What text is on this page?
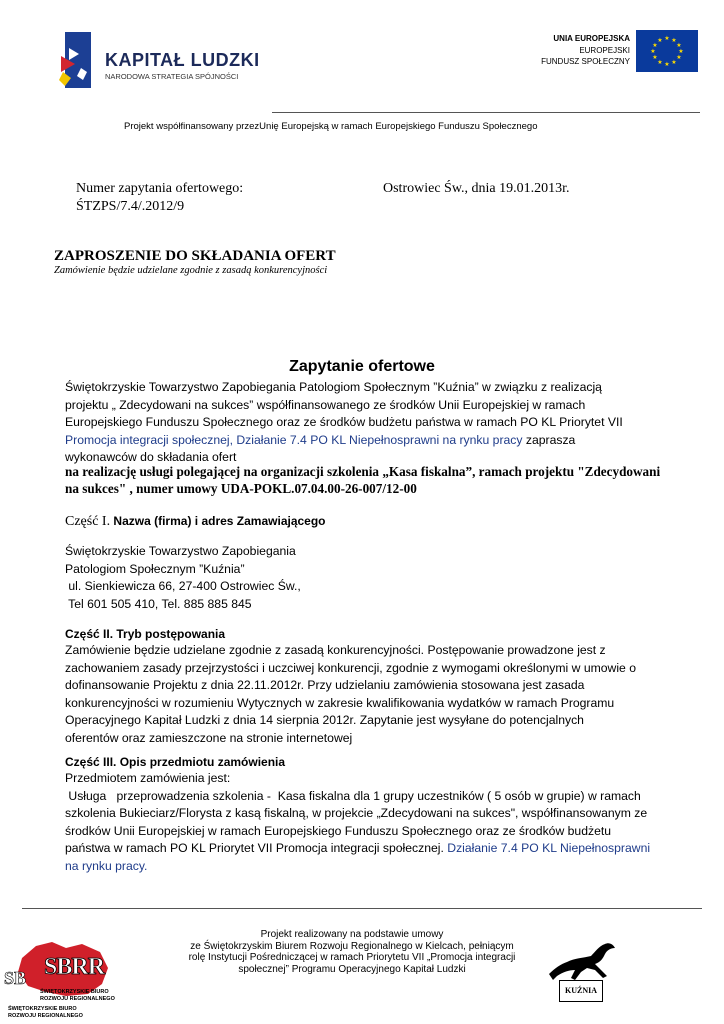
KAPITAŁ LUDZKI
NARODOWA STRATEGIA SPÓJNOŚCI
UNIA EUROPEJSKA
EUROPEJSKI
FUNDUSZ SPOŁECZNY
★ ★
★
★
★
★
★
★
★
★
★
★
Projekt współfinansowany przezUnię Europejską w ramach Europejskiego Funduszu Społecznego
Numer zapytania ofertowego:
ŚTZPS/7.4/.2012/9
Ostrowiec Św., dnia 19.01.2013r.
ZAPROSZENIE DO SKŁADANIA OFERT
Zamówienie będzie udzielane zgodnie z zasadą konkurencyjności
Zapytanie ofertowe
Świętokrzyskie Towarzystwo Zapobiegania Patologiom Społecznym ”Kuźnia” w związku z realizacją
projektu „ Zdecydowani na sukces” współfinansowanego ze środków Unii Europejskiej w ramach
Europejskiego Funduszu Społecznego oraz ze środków budżetu państwa w ramach PO KL Priorytet VII
Promocja integracji społecznej, Działanie 7.4 PO KL Niepełnosprawni na rynku pracy zaprasza
wykonawców do składania ofert
na realizację usługi polegającej na organizacji szkolenia „Kasa fiskalna”, ramach projektu "Zdecydowani
na sukces" , numer umowy UDA-POKL.07.04.00-26-007/12-00
Część I. Nazwa (firma) i adres Zamawiającego
Świętokrzyskie Towarzystwo Zapobiegania
Patologiom Społecznym ”Kuźnia”
ul. Sienkiewicza 66, 27-400 Ostrowiec Św.,
Tel 601 505 410, Tel. 885 885 845
Część II. Tryb postępowania
Zamówienie będzie udzielane zgodnie z zasadą konkurencyjności. Postępowanie prowadzone jest z
zachowaniem zasady przejrzystości i uczciwej konkurencji, zgodnie z wymogami określonymi w umowie o
dofinansowanie Projektu z dnia 22.11.2012r. Przy udzielaniu zamówienia stosowana jest zasada
konkurencyjności w rozumieniu Wytycznych w zakresie kwalifikowania wydatków w ramach Programu
Operacyjnego Kapitał Ludzki z dnia 14 sierpnia 2012r. Zapytanie jest wysyłane do potencjalnych
oferentów oraz zamieszczone na stronie internetowej
Część III. Opis przedmiotu zamówienia
Przedmiotem zamówienia jest:
Usługa   przeprowadzenia szkolenia -  Kasa fiskalna dla 1 grupy uczestników ( 5 osób w grupie) w ramach
szkolenia Bukieciarz/Florysta z kasą fiskalną, w projekcie „Zdecydowani na sukces", współfinansowanym ze
środków Unii Europejskiej w ramach Europejskiego Funduszu Społecznego oraz ze środków budżetu
państwa w ramach PO KL Priorytet VII Promocja integracji społecznej. Działanie 7.4 PO KL Niepełnosprawni
na rynku pracy.
Projekt realizowany na podstawie umowy
ze Świętokrzyskim Biurem Rozwoju Regionalnego w Kielcach, pełniącym
rolę Instytucji Pośredniczącej w ramach Priorytetu VII „Promocja integracji
społecznej” Programu Operacyjnego Kapitał Ludzki
SB SBRR
ŚWIĘTOKRZYSKIE BIURO
ROZWOJU REGIONALNEGO
ŚWIĘTOKRZYSKIE BIURO
ROZWOJU REGIONALNEGO
KUŹNIA
